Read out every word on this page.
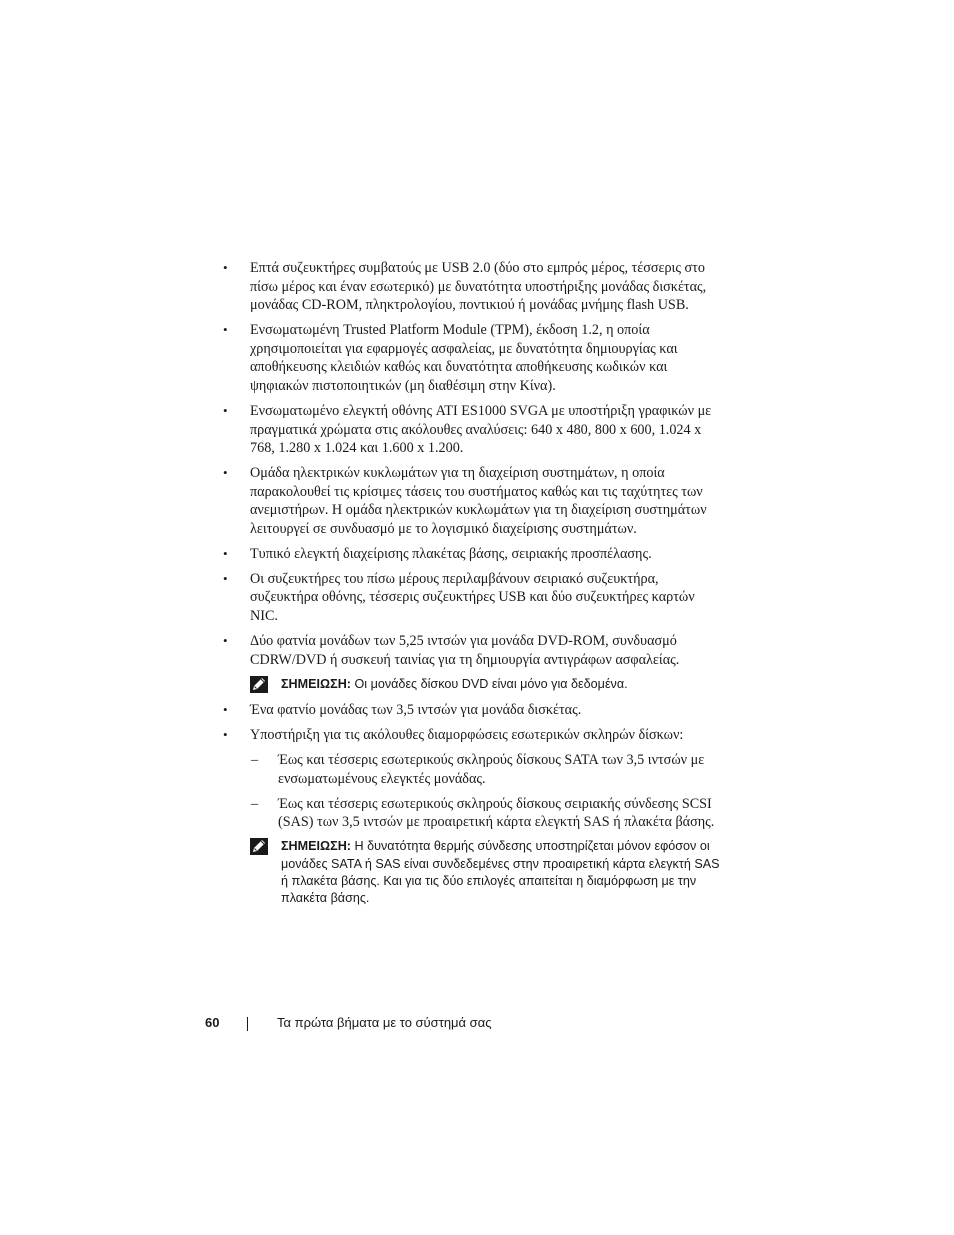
• Επτά συζευκτήρες συμβατούς με USB 2.0 (δύο στο εμπρός μέρος, τέσσερις στο πίσω μέρος και έναν εσωτερικό) με δυνατότητα υποστήριξης μονάδας δισκέτας, μονάδας CD-ROM, πληκτρολογίου, ποντικιού ή μονάδας μνήμης flash USB.
• Ενσωματωμένη Trusted Platform Module (TPM), έκδοση 1.2, η οποία χρησιμοποιείται για εφαρμογές ασφαλείας, με δυνατότητα δημιουργίας και αποθήκευσης κλειδιών καθώς και δυνατότητα αποθήκευσης κωδικών και ψηφιακών πιστοποιητικών (μη διαθέσιμη στην Κίνα).
• Ενσωματωμένο ελεγκτή οθόνης ATI ES1000 SVGA με υποστήριξη γραφικών με πραγματικά χρώματα στις ακόλουθες αναλύσεις: 640 x 480, 800 x 600, 1.024 x 768, 1.280 x 1.024 και 1.600 x 1.200.
• Ομάδα ηλεκτρικών κυκλωμάτων για τη διαχείριση συστημάτων, η οποία παρακολουθεί τις κρίσιμες τάσεις του συστήματος καθώς και τις ταχύτητες των ανεμιστήρων. Η ομάδα ηλεκτρικών κυκλωμάτων για τη διαχείριση συστημάτων λειτουργεί σε συνδυασμό με το λογισμικό διαχείρισης συστημάτων.
• Τυπικό ελεγκτή διαχείρισης πλακέτας βάσης, σειριακής προσπέλασης.
• Οι συζευκτήρες του πίσω μέρους περιλαμβάνουν σειριακό συζευκτήρα, συζευκτήρα οθόνης, τέσσερις συζευκτήρες USB και δύο συζευκτήρες καρτών NIC.
• Δύο φατνία μονάδων των 5,25 ιντσών για μονάδα DVD-ROM, συνδυασμό CDRW/DVD ή συσκευή ταινίας για τη δημιουργία αντιγράφων ασφαλείας.
ΣΗΜΕΙΩΣΗ: Οι μονάδες δίσκου DVD είναι μόνο για δεδομένα.
• Ένα φατνίο μονάδας των 3,5 ιντσών για μονάδα δισκέτας.
• Υποστήριξη για τις ακόλουθες διαμορφώσεις εσωτερικών σκληρών δίσκων:
– Έως και τέσσερις εσωτερικούς σκληρούς δίσκους SATA των 3,5 ιντσών με ενσωματωμένους ελεγκτές μονάδας.
– Έως και τέσσερις εσωτερικούς σκληρούς δίσκους σειριακής σύνδεσης SCSI (SAS) των 3,5 ιντσών με προαιρετική κάρτα ελεγκτή SAS ή πλακέτα βάσης.
ΣΗΜΕΙΩΣΗ: Η δυνατότητα θερμής σύνδεσης υποστηρίζεται μόνον εφόσον οι μονάδες SATA ή SAS είναι συνδεδεμένες στην προαιρετική κάρτα ελεγκτή SAS ή πλακέτα βάσης. Και για τις δύο επιλογές απαιτείται η διαμόρφωση με την πλακέτα βάσης.
60	Τα πρώτα βήματα με το σύστημά σας
